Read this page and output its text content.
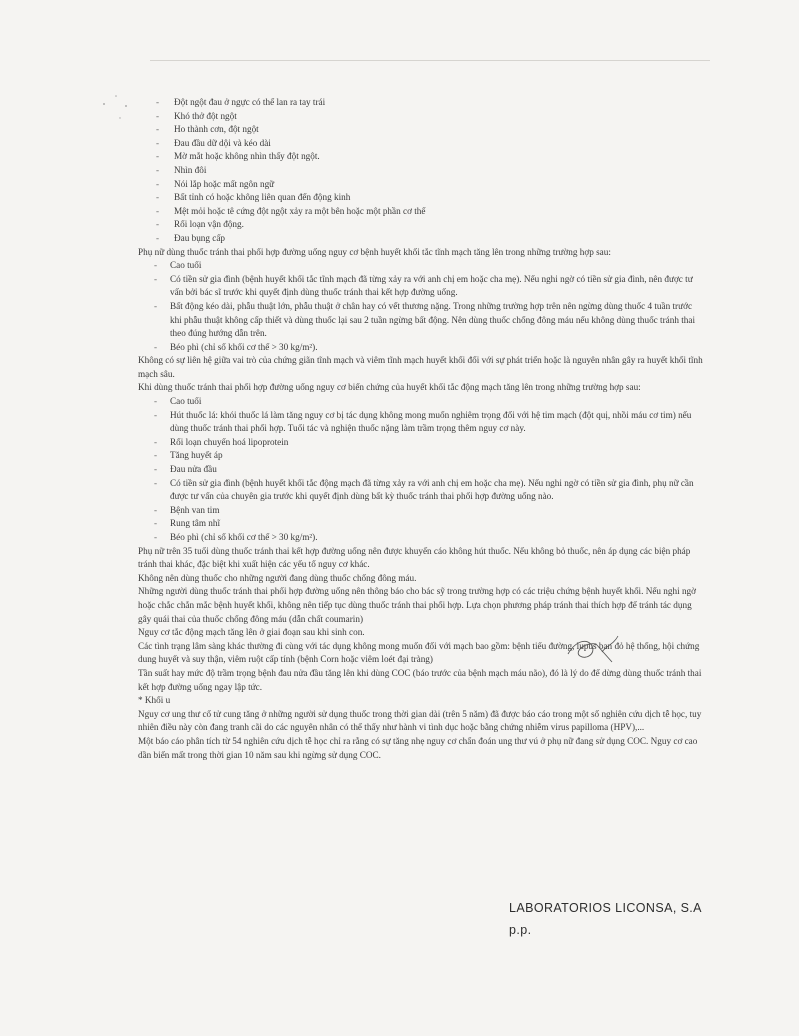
- Đột ngột đau ở ngực có thể lan ra tay trái
- Khó thở đột ngột
- Ho thành cơn, đột ngột
- Đau đầu dữ dội và kéo dài
- Mờ mắt hoặc không nhìn thấy đột ngột.
- Nhìn đôi
- Nói lắp hoặc mất ngôn ngữ
- Bất tỉnh có hoặc không liên quan đến động kinh
- Mệt mỏi hoặc tê cứng đột ngột xảy ra một bên hoặc một phần cơ thể
- Rối loạn vận động.
- Đau bụng cấp

Phụ nữ dùng thuốc tránh thai phối hợp đường uống nguy cơ bệnh huyết khối tắc tĩnh mạch tăng lên trong những trường hợp sau:

- Cao tuổi
- Có tiền sử gia đình (bệnh huyết khối tắc tĩnh mạch đã từng xảy ra với anh chị em hoặc cha mẹ). Nếu nghi ngờ có tiền sử gia đình, nên được tư vấn bởi bác sĩ trước khi quyết định dùng thuốc tránh thai kết hợp đường uống.
- Bất động kéo dài, phẫu thuật lớn, phẫu thuật ở chân hay có vết thương nặng. Trong những trường hợp trên nên ngừng dùng thuốc 4 tuần trước khi phẫu thuật không cấp thiết và dùng thuốc lại sau 2 tuần ngừng bất động. Nên dùng thuốc chống đông máu nếu không dùng thuốc tránh thai theo đúng hướng dẫn trên.
- Béo phì (chỉ số khối cơ thể > 30 kg/m²).

Không có sự liên hệ giữa vai trò của chứng giãn tĩnh mạch và viêm tĩnh mạch huyết khối đối với sự phát triển hoặc là nguyên nhân gây ra huyết khối tĩnh mạch sâu.

Khi dùng thuốc tránh thai phối hợp đường uống nguy cơ biến chứng của huyết khối tắc động mạch tăng lên trong những trường hợp sau:

- Cao tuổi
- Hút thuốc lá: khói thuốc lá làm tăng nguy cơ bị tác dụng không mong muốn nghiêm trọng đối với hệ tim mạch (đột quị, nhồi máu cơ tim) nếu dùng thuốc tránh thai phối hợp. Tuổi tác và nghiện thuốc nặng làm trầm trọng thêm nguy cơ này.
- Rối loạn chuyển hoá lipoprotein
- Tăng huyết áp
- Đau nửa đầu
- Có tiền sử gia đình (bệnh huyết khối tắc động mạch đã từng xảy ra với anh chị em hoặc cha mẹ). Nếu nghi ngờ có tiền sử gia đình, phụ nữ cần được tư vấn của chuyên gia trước khi quyết định dùng bất kỳ thuốc tránh thai phối hợp đường uống nào.
- Bệnh van tim
- Rung tâm nhĩ
- Béo phì (chỉ số khối cơ thể > 30 kg/m²).

Phụ nữ trên 35 tuổi dùng thuốc tránh thai kết hợp đường uống nên được khuyến cáo không hút thuốc. Nếu không bỏ thuốc, nên áp dụng các biện pháp tránh thai khác, đặc biệt khi xuất hiện các yếu tố nguy cơ khác.

Không nên dùng thuốc cho những người đang dùng thuốc chống đông máu.

Những người dùng thuốc tránh thai phối hợp đường uống nên thông báo cho bác sỹ trong trường hợp có các triệu chứng bệnh huyết khối. Nếu nghi ngờ hoặc chắc chắn mắc bệnh huyết khối, không nên tiếp tục dùng thuốc tránh thai phối hợp. Lựa chọn phương pháp tránh thai thích hợp để tránh tác dụng gây quái thai của thuốc chống đông máu (dẫn chất coumarin)

Nguy cơ tắc động mạch tăng lên ở giai đoạn sau khi sinh con.

Các tình trạng lâm sàng khác thường đi cùng với tác dụng không mong muốn đối với mạch bao gồm: bệnh tiểu đường, lupus ban đỏ hệ thống, hội chứng dung huyết và suy thận, viêm ruột cấp tính (bệnh Corn hoặc viêm loét đại tràng)

Tần suất hay mức độ trầm trọng bệnh đau nửa đầu tăng lên khi dùng COC (báo trước của bệnh mạch máu não), đó là lý do để dừng dùng thuốc tránh thai kết hợp đường uống ngay lập tức.

* Khối u

Nguy cơ ung thư cổ tử cung tăng ở những người sử dụng thuốc trong thời gian dài (trên 5 năm) đã được báo cáo trong một số nghiên cứu dịch tễ học, tuy nhiên điều này còn đang tranh cãi do các nguyên nhân có thể thấy như hành vi tình dục hoặc bằng chứng nhiễm virus papilloma (HPV),...

Một báo cáo phân tích từ 54 nghiên cứu dịch tễ học chỉ ra rằng có sự tăng nhẹ nguy cơ chẩn đoán ung thư vú ở phụ nữ đang sử dụng COC. Nguy cơ cao dần biến mất trong thời gian 10 năm sau khi ngừng sử dụng COC.

LABORATORIOS LICONSA, S.A
p.p.
